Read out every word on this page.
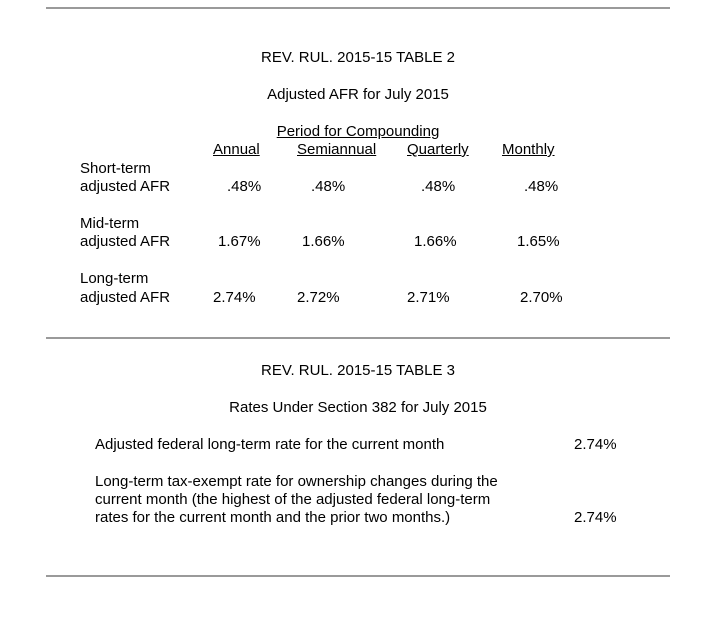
REV. RUL. 2015-15 TABLE 2
Adjusted AFR for July 2015
Period for Compounding
Annual Semiannual Quarterly Monthly
Short-term
adjusted AFR	.48%	.48%	.48%	.48%
Mid-term
adjusted AFR	1.67%	1.66%	1.66%	1.65%
Long-term
adjusted AFR	2.74%	2.72%	2.71%	2.70%
REV. RUL. 2015-15 TABLE 3
Rates Under Section 382 for July 2015
Adjusted federal long-term rate for the current month	2.74%
Long-term tax-exempt rate for ownership changes during the
current month (the highest of the adjusted federal long-term
rates for the current month and the prior two months.)	2.74%
